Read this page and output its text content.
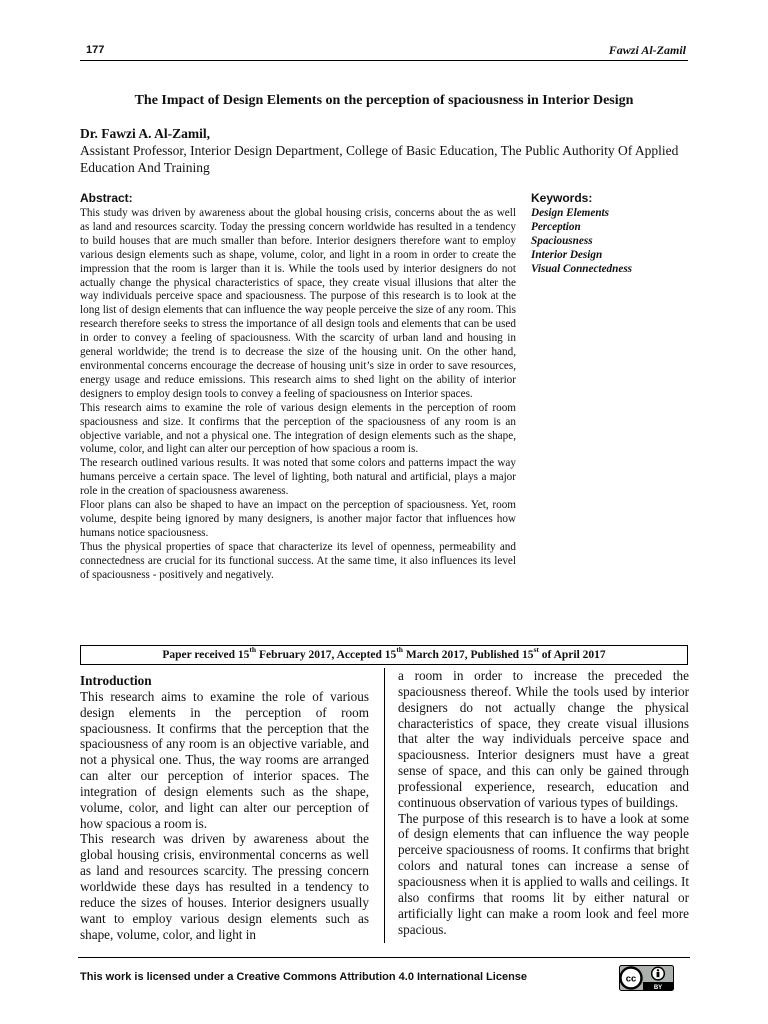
177	Fawzi Al-Zamil
The Impact of Design Elements on the perception of spaciousness in Interior Design
Dr. Fawzi A. Al-Zamil,
Assistant Professor, Interior Design Department, College of Basic Education, The Public Authority Of Applied Education And Training
Abstract:	Keywords:

This study was driven by awareness about the global housing crisis, concerns about the as well as land and resources scarcity. Today the pressing concern worldwide has resulted in a tendency to build houses that are much smaller than before. Interior designers therefore want to employ various design elements such as shape, volume, color, and light in a room in order to create the impression that the room is larger than it is. While the tools used by interior designers do not actually change the physical characteristics of space, they create visual illusions that alter the way individuals perceive space and spaciousness. The purpose of this research is to look at the long list of design elements that can influence the way people perceive the size of any room. This research therefore seeks to stress the importance of all design tools and elements that can be used in order to convey a feeling of spaciousness. With the scarcity of urban land and housing in general worldwide; the trend is to decrease the size of the housing unit. On the other hand, environmental concerns encourage the decrease of housing unit’s size in order to save resources, energy usage and reduce emissions. This research aims to shed light on the ability of interior designers to employ design tools to convey a feeling of spaciousness on Interior spaces.

This research aims to examine the role of various design elements in the perception of room spaciousness and size. It confirms that the perception of the spaciousness of any room is an objective variable, and not a physical one. The integration of design elements such as the shape, volume, color, and light can alter our perception of how spacious a room is.

The research outlined various results. It was noted that some colors and patterns impact the way humans perceive a certain space. The level of lighting, both natural and artificial, plays a major role in the creation of spaciousness awareness.

Floor plans can also be shaped to have an impact on the perception of spaciousness. Yet, room volume, despite being ignored by many designers, is another major factor that influences how humans notice spaciousness.

Thus the physical properties of space that characterize its level of openness, permeability and connectedness are crucial for its functional success. At the same time, it also influences its level of spaciousness - positively and negatively.

Design Elements
Perception
Spaciousness
Interior Design
Visual Connectedness
Paper received 15th February 2017, Accepted 15th March 2017, Published 15st of April 2017
Introduction

This research aims to examine the role of various design elements in the perception of room spaciousness. It confirms that the perception that the spaciousness of any room is an objective variable, and not a physical one. Thus, the way rooms are arranged can alter our perception of interior spaces. The integration of design elements such as the shape, volume, color, and light can alter our perception of how spacious a room is.

This research was driven by awareness about the global housing crisis, environmental concerns as well as land and resources scarcity. The pressing concern worldwide these days has resulted in a tendency to reduce the sizes of houses. Interior designers usually want to employ various design elements such as shape, volume, color, and light in

a room in order to increase the preceded the spaciousness thereof. While the tools used by interior designers do not actually change the physical characteristics of space, they create visual illusions that alter the way individuals perceive space and spaciousness. Interior designers must have a great sense of space, and this can only be gained through professional experience, research, education and continuous observation of various types of buildings.

The purpose of this research is to have a look at some of design elements that can influence the way people perceive spaciousness of rooms. It confirms that bright colors and natural tones can increase a sense of spaciousness when it is applied to walls and ceilings. It also confirms that rooms lit by either natural or artificially light can make a room look and feel more spacious.

This work is licensed under a Creative Commons Attribution 4.0 International License	cc
BY
